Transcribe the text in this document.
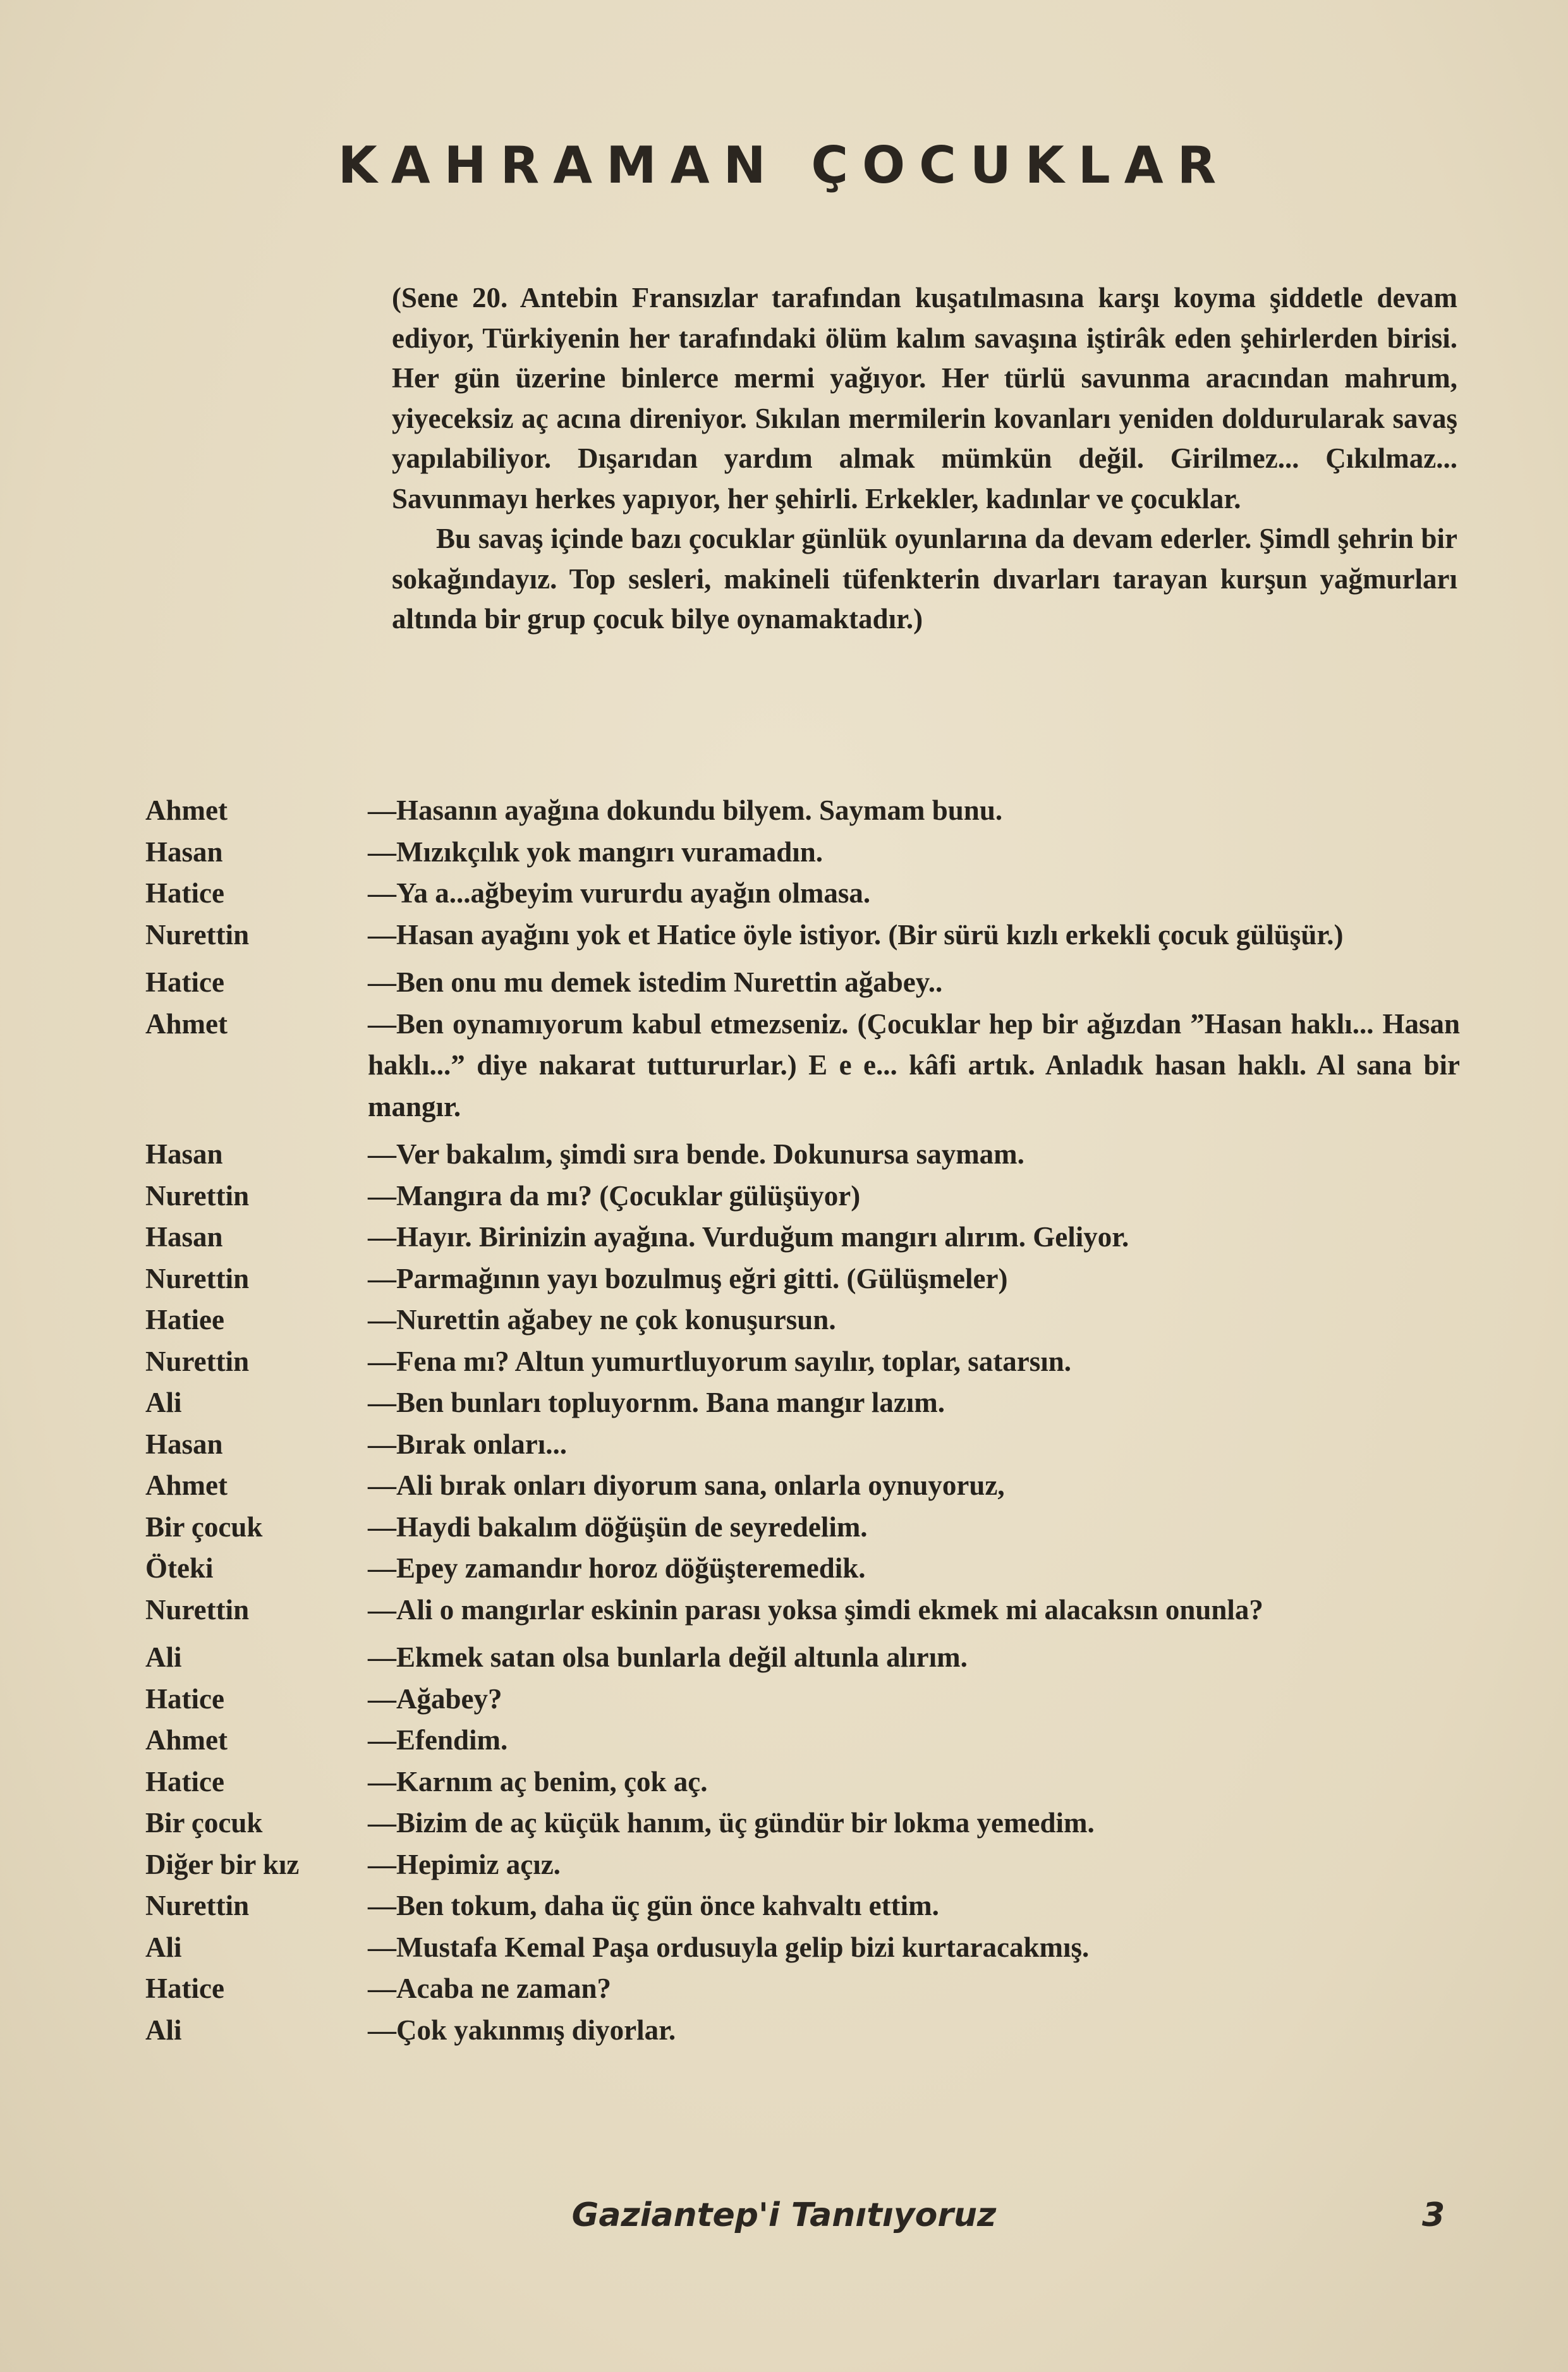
KAHRAMAN ÇOCUKLAR

(Sene 20. Antebin Fransızlar tarafından kuşatılmasına karşı koyma şiddetle devam ediyor, Türkiyenin her tarafındaki ölüm kalım savaşına iştirâk eden şehirlerden birisi. Her gün üzerine binlerce mermi yağıyor. Her türlü savunma aracından mahrum, yiyeceksiz aç acına direniyor. Sıkılan mermilerin kovanları yeniden doldurularak savaş yapılabiliyor. Dışarıdan yardım almak mümkün değil. Girilmez... Çıkılmaz... Savunmayı herkes yapıyor, her şehirli. Erkekler, kadınlar ve çocuklar.

Bu savaş içinde bazı çocuklar günlük oyunlarına da devam ederler. Şimdl şehrin bir sokağındayız. Top sesleri, makineli tüfenkterin dıvarları tarayan kurşun yağmurları altında bir grup çocuk bilye oynamaktadır.)

Ahmet	—Hasanın ayağına dokundu bilyem. Saymam bunu.
Hasan	—Mızıkçılık yok mangırı vuramadın.
Hatice	—Ya a...ağbeyim vururdu ayağın olmasa.
Nurettin	—Hasan ayağını yok et Hatice öyle istiyor. (Bir sürü kızlı erkekli çocuk gülüşür.)
Hatice	—Ben onu mu demek istedim Nurettin ağabey..
Ahmet	—Ben oynamıyorum kabul etmezseniz. (Çocuklar hep bir ağızdan ”Hasan haklı... Hasan haklı...” diye nakarat tuttururlar.) E e e... kâfi artık. Anladık hasan haklı. Al sana bir mangır.
Hasan	—Ver bakalım, şimdi sıra bende. Dokunursa saymam.
Nurettin	—Mangıra da mı? (Çocuklar gülüşüyor)
Hasan	—Hayır. Birinizin ayağına. Vurduğum mangırı alırım. Geliyor.
Nurettin	—Parmağının yayı bozulmuş eğri gitti. (Gülüşmeler)
Hatiee	—Nurettin ağabey ne çok konuşursun.
Nurettin	—Fena mı? Altun yumurtluyorum sayılır, toplar, satarsın.
Ali	—Ben bunları topluyornm. Bana mangır lazım.
Hasan	—Bırak onları...
Ahmet	—Ali bırak onları diyorum sana, onlarla oynuyoruz,
Bir çocuk	—Haydi bakalım döğüşün de seyredelim.
Öteki	—Epey zamandır horoz döğüşteremedik.
Nurettin	—Ali o mangırlar eskinin parası yoksa şimdi ekmek mi alacaksın onunla?
Ali	—Ekmek satan olsa bunlarla değil altunla alırım.
Hatice	—Ağabey?
Ahmet	—Efendim.
Hatice	—Karnım aç benim, çok aç.
Bir çocuk	—Bizim de aç küçük hanım, üç gündür bir lokma yemedim.
Diğer bir kız	—Hepimiz açız.
Nurettin	—Ben tokum, daha üç gün önce kahvaltı ettim.
Ali	—Mustafa Kemal Paşa ordusuyla gelip bizi kurtaracakmış.
Hatice	—Acaba ne zaman?
Ali	—Çok yakınmış diyorlar.
Gaziantep'i Tanıtıyoruz	3
